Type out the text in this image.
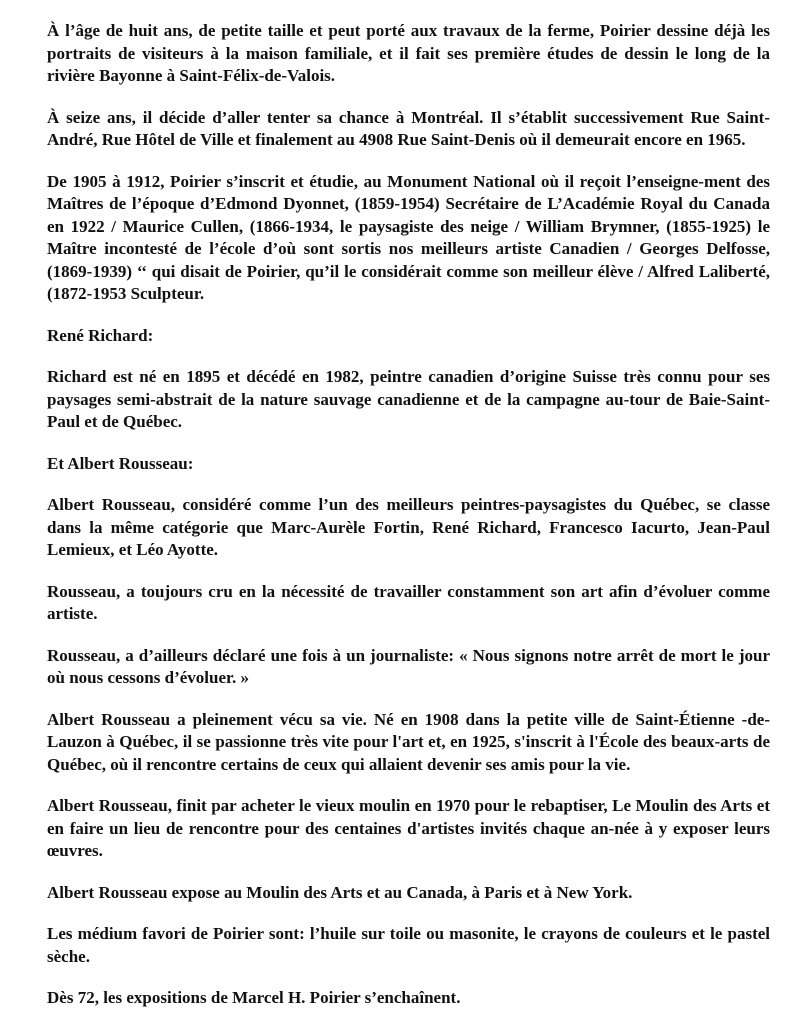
À l’âge de huit ans, de petite taille et peut porté aux travaux de la ferme, Poirier dessine déjà les portraits de visiteurs à la maison familiale, et il fait ses première études de dessin le long de la rivière Bayonne à Saint-Félix-de-Valois.

À seize ans, il décide d’aller tenter sa chance à Montréal. Il s’établit successivement Rue Saint-André, Rue Hôtel de Ville et finalement au 4908 Rue Saint-Denis où il demeurait encore en 1965.

De 1905 à 1912, Poirier s’inscrit et étudie, au Monument National où il reçoit l’enseigne-ment des Maîtres de l’époque d’Edmond Dyonnet, (1859-1954) Secrétaire de L’Académie Royal du Canada en 1922 / Maurice Cullen, (1866-1934, le paysagiste des neige / William Brymner, (1855-1925) le Maître incontesté de l’école d’où sont sortis nos meilleurs artiste Canadien / Georges Delfosse, (1869-1939) ‘‘ qui disait de Poirier, qu’il le considérait comme son meilleur élève / Alfred Laliberté, (1872-1953 Sculpteur.

René Richard:

Richard est né en 1895 et décédé en 1982, peintre canadien d’origine Suisse très connu pour ses paysages semi-abstrait de la nature sauvage canadienne et de la campagne au-tour de Baie-Saint-Paul et de Québec.

Et Albert Rousseau:

Albert Rousseau, considéré comme l’un des meilleurs peintres-paysagistes du Québec, se classe dans la même catégorie que Marc-Aurèle Fortin, René Richard, Francesco Iacurto, Jean-Paul Lemieux, et Léo Ayotte.

Rousseau, a toujours cru en la nécessité de travailler constamment son art afin d’évoluer comme artiste.

Rousseau, a d’ailleurs déclaré une fois à un journaliste: « Nous signons notre arrêt de mort le jour où nous cessons d’évoluer. »

Albert Rousseau a pleinement vécu sa vie. Né en 1908 dans la petite ville de Saint-Étienne -de-Lauzon à Québec, il se passionne très vite pour l'art et, en 1925, s'inscrit à l'École des beaux-arts de Québec, où il rencontre certains de ceux qui allaient devenir ses amis pour la vie.

Albert Rousseau, finit par acheter le vieux moulin en 1970 pour le rebaptiser, Le Moulin des Arts et en faire un lieu de rencontre pour des centaines d'artistes invités chaque an-née à y exposer leurs œuvres.

Albert Rousseau expose au Moulin des Arts et au Canada, à Paris et à New York.

Les médium favori de Poirier sont: l’huile sur toile ou masonite, le crayons de couleurs et le pastel sèche.

Dès 72, les expositions de Marcel H. Poirier s’enchaînent.
